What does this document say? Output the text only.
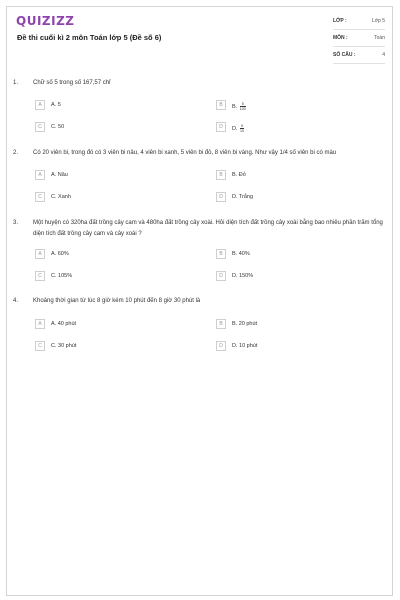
QUIZIZZ
Đề thi cuối kì 2 môn Toán lớp 5 (Đề số 6)
LỚP :	Lớp 5
MÔN :	Toán
SỐ CÂU :	4
1. Chữ số 5 trong số 167,57 chỉ
A	A. 5	B	B. $\frac{5}{100}$
C	C. 50	D	D. $\frac{5}{10}$
2. Có 20 viên bi, trong đó có 3 viên bi nâu, 4 viên bi xanh, 5 viên bi đỏ, 8 viên bi vàng. Như vậy 1/4 số viên bi có màu
A	A. Nâu	B	B. Đỏ
C	C. Xanh	D	D. Trắng
3. Một huyện có 320ha đất trồng cây cam và 480ha đất trồng cây xoài. Hỏi diện tích đất trồng cây xoài bằng bao nhiêu phần trăm tổng diện tích đất trồng cây cam và cây xoài ?
A	A. 60%	B	B. 40%
C	C. 105%	D	D. 150%
4. Khoảng thời gian từ lúc 8 giờ kém 10 phút đến 8 giờ 30 phút là
A	A. 40 phút	B	B. 20 phút
C	C. 30 phút	D	D. 10 phút
